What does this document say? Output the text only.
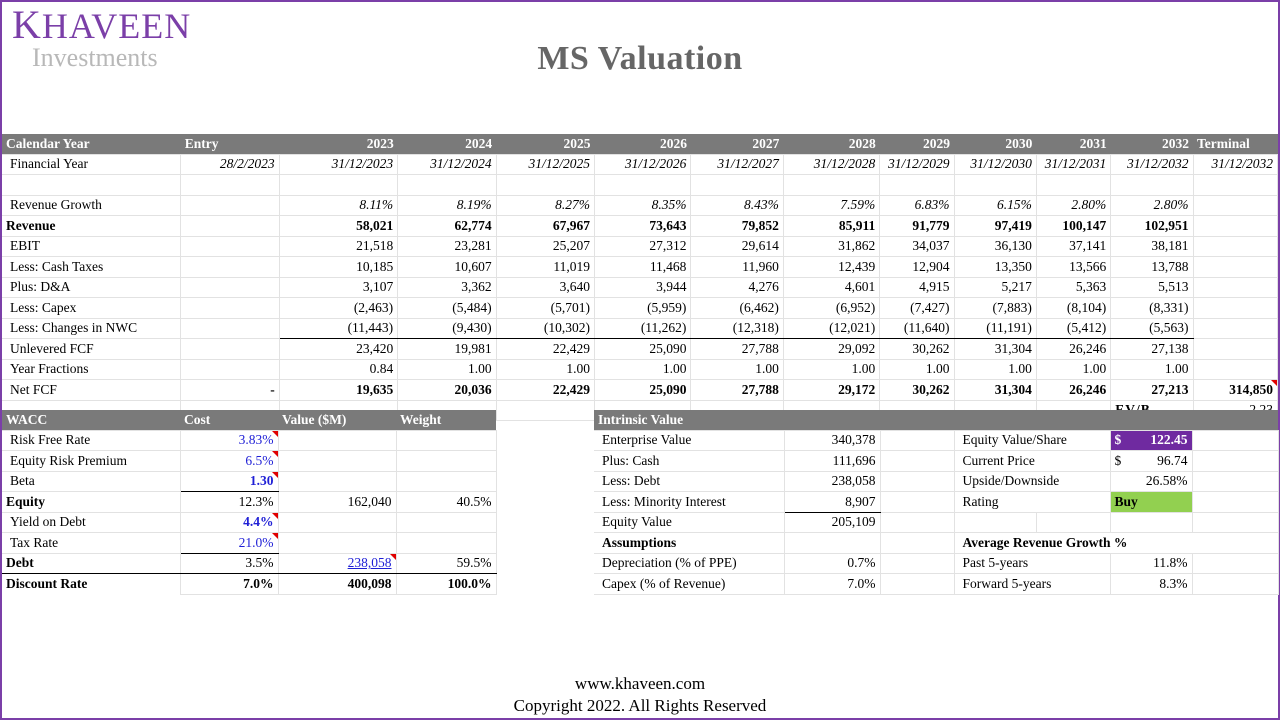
KHAVEEN
Investments	MS Valuation
Calendar Year	Entry	2023	2024	2025	2026	2027	2028	2029	2030	2031	2032	Terminal
Financial Year	28/2/2023	31/12/2023	31/12/2024	31/12/2025	31/12/2026	31/12/2027	31/12/2028	31/12/2029	31/12/2030	31/12/2031	31/12/2032	31/12/2032

Revenue Growth		8.11%	8.19%	8.27%	8.35%	8.43%	7.59%	6.83%	6.15%	2.80%	2.80%	
Revenue		58,021	62,774	67,967	73,643	79,852	85,911	91,779	97,419	100,147	102,951	
EBIT		21,518	23,281	25,207	27,312	29,614	31,862	34,037	36,130	37,141	38,181	
Less: Cash Taxes		10,185	10,607	11,019	11,468	11,960	12,439	12,904	13,350	13,566	13,788	
Plus: D&A		3,107	3,362	3,640	3,944	4,276	4,601	4,915	5,217	5,363	5,513	
Less: Capex		(2,463)	(5,484)	(5,701)	(5,959)	(6,462)	(6,952)	(7,427)	(7,883)	(8,104)	(8,331)	
Less: Changes in NWC		(11,443)	(9,430)	(10,302)	(11,262)	(12,318)	(12,021)	(11,640)	(11,191)	(5,412)	(5,563)	
Unlevered FCF		23,420	19,981	22,429	25,090	27,788	29,092	30,262	31,304	26,246	27,138	
Year Fractions		0.84	1.00	1.00	1.00	1.00	1.00	1.00	1.00	1.00	1.00	
Net FCF	-	19,635	20,036	22,429	25,090	27,788	29,172	30,262	31,304	26,246	27,213	314,850

WACC	Cost	Value ($M)	Weight
Risk Free Rate	3.83%		
Equity Risk Premium	6.5%		
Beta	1.30		
Equity	12.3%	162,040	40.5%
Yield on Debt	4.4%		
Tax Rate	21.0%		
Debt	3.5%	238,058	59.5%
Discount Rate	7.0%	400,098	100.0%
Intrinsic Value						
Enterprise Value	340,378		Equity Value/Share		$ 122.45	

Plus: Cash	111,696		Current Price		$ 96.74	

Less: Debt	238,058		Upside/Downside		26.58%	
Less: Minority Interest	8,907		Rating		Buy	
Equity Value	205,109					
Assumptions			Average Revenue Growth %			
Depreciation (% of PPE)	0.7%		Past 5-years		11.8%	
Capex (% of Revenue)	7.0%		Forward 5-years		8.3%	
www.khaveen.com
Copyright 2022. All Rights Reserved
